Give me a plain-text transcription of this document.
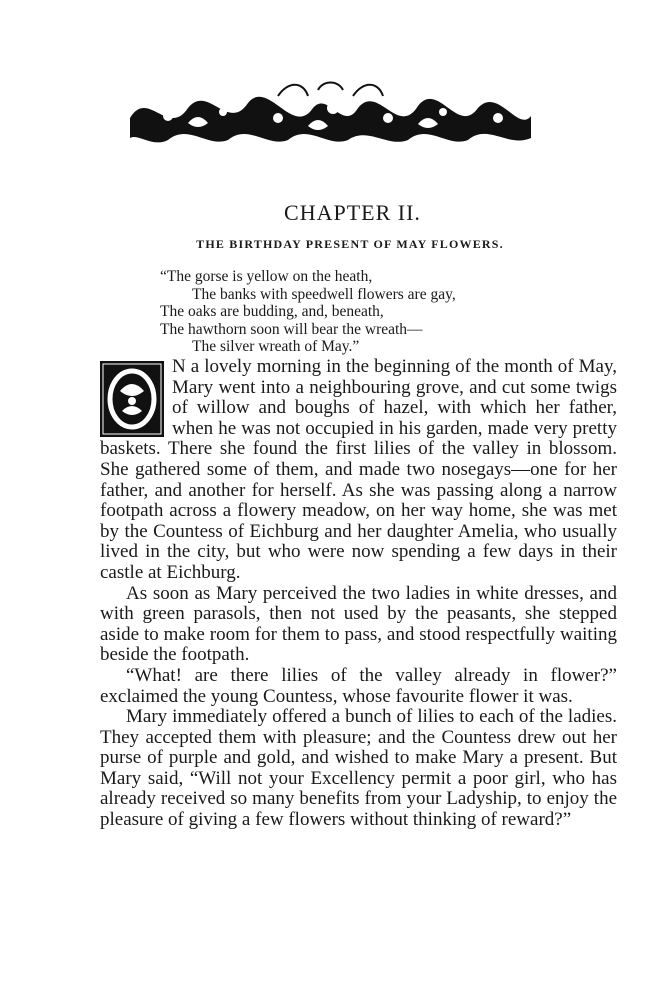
CHAPTER II.
THE BIRTHDAY PRESENT OF MAY FLOWERS.
“The gorse is yellow on the heath,
The banks with speedwell flowers are gay,
The oaks are budding, and, beneath,
The hawthorn soon will bear the wreath—
The silver wreath of May.”

N a lovely morning in the beginning of the month of May, Mary went into a neighbouring grove, and cut some twigs of willow and boughs of hazel, with which her father, when he was not occupied in his garden, made very pretty baskets. There she found the first lilies of the valley in blossom. She gathered some of them, and made two nosegays—one for her father, and another for herself. As she was passing along a narrow footpath across a flowery meadow, on her way home, she was met by the Countess of Eichburg and her daughter Amelia, who usually lived in the city, but who were now spending a few days in their castle at Eichburg.

As soon as Mary perceived the two ladies in white dresses, and with green parasols, then not used by the peasants, she stepped aside to make room for them to pass, and stood respectfully waiting beside the footpath.

“What! are there lilies of the valley already in flower?” exclaimed the young Countess, whose favourite flower it was.

Mary immediately offered a bunch of lilies to each of the ladies. They accepted them with pleasure; and the Countess drew out her purse of purple and gold, and wished to make Mary a present. But Mary said, “Will not your Excellency permit a poor girl, who has already received so many benefits from your Ladyship, to enjoy the pleasure of giving a few flowers without thinking of reward?”
